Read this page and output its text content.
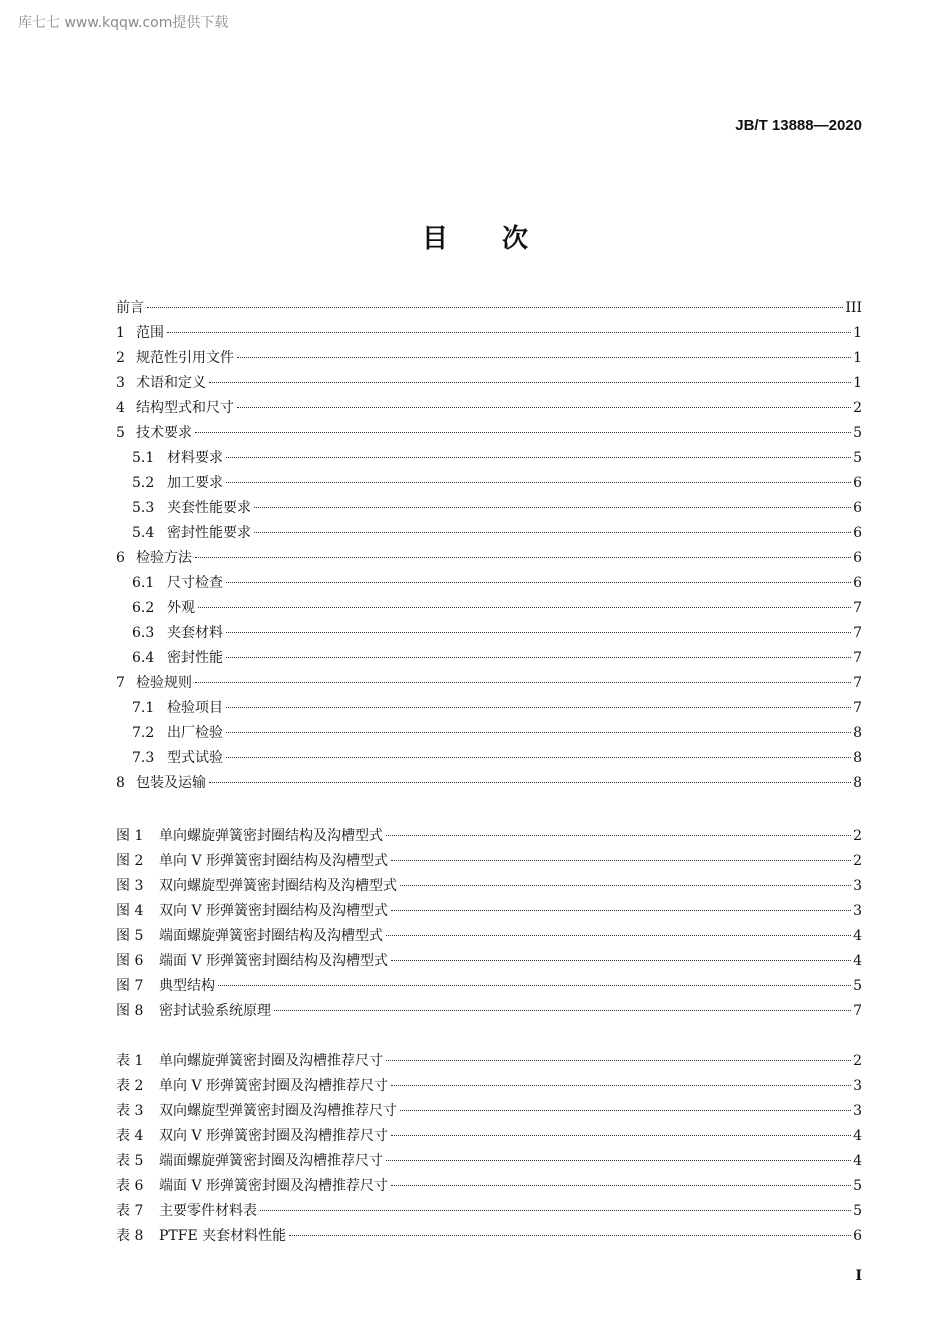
库七七 www.kqqw.com提供下载
JB/T 13888—2020
目次
前言	III
1 范围	1
2 规范性引用文件	1
3 术语和定义	1
4 结构型式和尺寸	2
5 技术要求	5
5.1 材料要求	5
5.2 加工要求	6
5.3 夹套性能要求	6
5.4 密封性能要求	6
6 检验方法	6
6.1 尺寸检查	6
6.2 外观	7
6.3 夹套材料	7
6.4 密封性能	7
7 检验规则	7
7.1 检验项目	7
7.2 出厂检验	8
7.3 型式试验	8
8 包装及运输	8
图 1	单向螺旋弹簧密封圈结构及沟槽型式	2
图 2	单向 V 形弹簧密封圈结构及沟槽型式	2
图 3	双向螺旋型弹簧密封圈结构及沟槽型式	3
图 4	双向 V 形弹簧密封圈结构及沟槽型式	3
图 5	端面螺旋弹簧密封圈结构及沟槽型式	4
图 6	端面 V 形弹簧密封圈结构及沟槽型式	4
图 7	典型结构	5
图 8	密封试验系统原理	7
表 1	单向螺旋弹簧密封圈及沟槽推荐尺寸	2
表 2	单向 V 形弹簧密封圈及沟槽推荐尺寸	3
表 3	双向螺旋型弹簧密封圈及沟槽推荐尺寸	3
表 4	双向 V 形弹簧密封圈及沟槽推荐尺寸	4
表 5	端面螺旋弹簧密封圈及沟槽推荐尺寸	4
表 6	端面 V 形弹簧密封圈及沟槽推荐尺寸	5
表 7	主要零件材料表	5
表 8	PTFE 夹套材料性能	6
I
